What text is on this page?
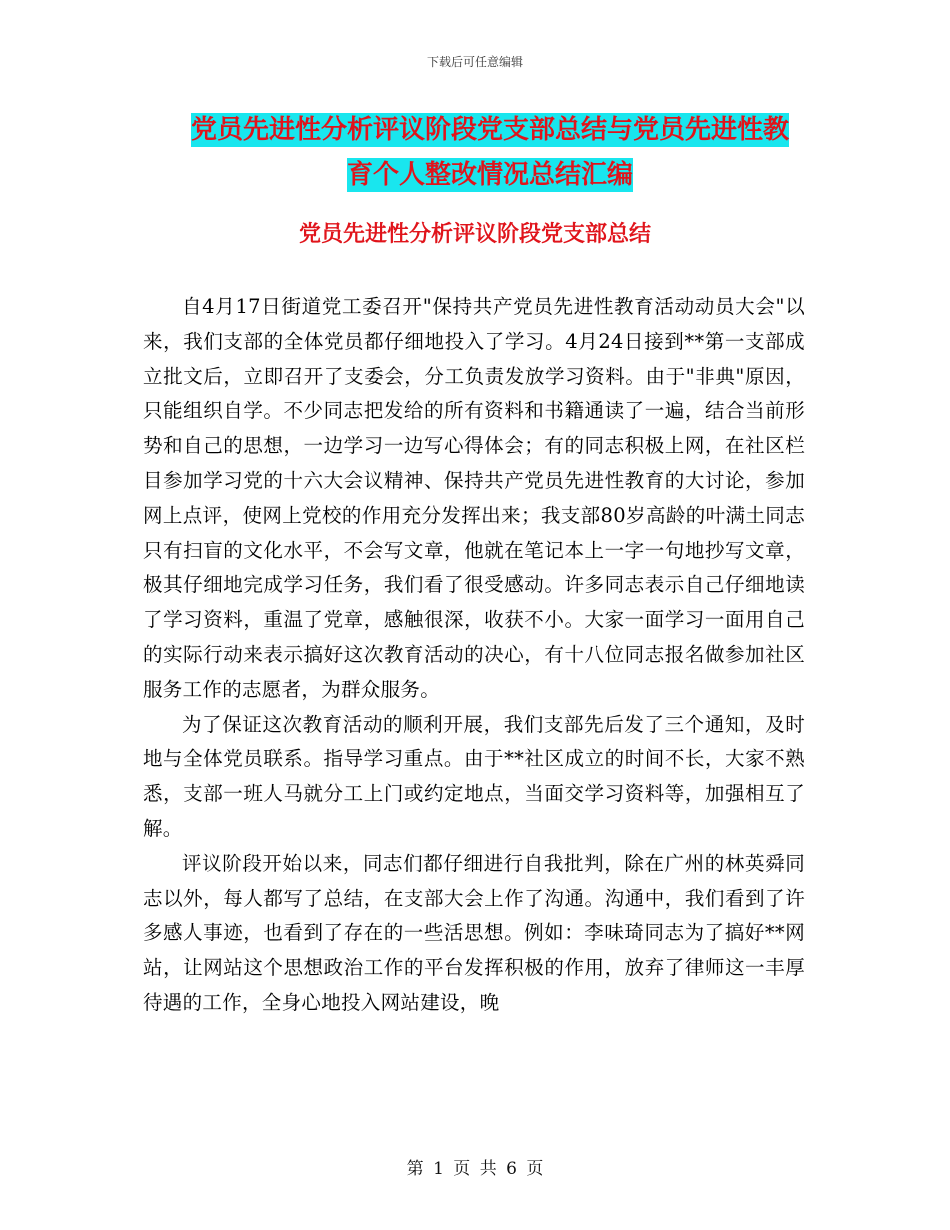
下载后可任意编辑
党员先进性分析评议阶段党支部总结与党员先进性教
育个人整改情况总结汇编
党员先进性分析评议阶段党支部总结

自4月17日街道党工委召开"保持共产党员先进性教育活动动员大会"以来，我们支部的全体党员都仔细地投入了学习。4月24日接到**第一支部成立批文后，立即召开了支委会，分工负责发放学习资料。由于"非典"原因，只能组织自学。不少同志把发给的所有资料和书籍通读了一遍，结合当前形势和自己的思想，一边学习一边写心得体会；有的同志积极上网，在社区栏目参加学习党的十六大会议精神、保持共产党员先进性教育的大讨论，参加网上点评，使网上党校的作用充分发挥出来；我支部80岁高龄的叶满土同志只有扫盲的文化水平，不会写文章，他就在笔记本上一字一句地抄写文章，极其仔细地完成学习任务，我们看了很受感动。许多同志表示自己仔细地读了学习资料，重温了党章，感触很深，收获不小。大家一面学习一面用自己的实际行动来表示搞好这次教育活动的决心，有十八位同志报名做参加社区服务工作的志愿者，为群众服务。

为了保证这次教育活动的顺利开展，我们支部先后发了三个通知，及时地与全体党员联系。指导学习重点。由于**社区成立的时间不长，大家不熟悉，支部一班人马就分工上门或约定地点，当面交学习资料等，加强相互了解。

评议阶段开始以来，同志们都仔细进行自我批判，除在广州的林英舜同志以外，每人都写了总结，在支部大会上作了沟通。沟通中，我们看到了许多感人事迹，也看到了存在的一些活思想。例如：李味琦同志为了搞好**网站，让网站这个思想政治工作的平台发挥积极的作用，放弃了律师这一丰厚待遇的工作，全身心地投入网站建设，晚

第 1 页 共 6 页
